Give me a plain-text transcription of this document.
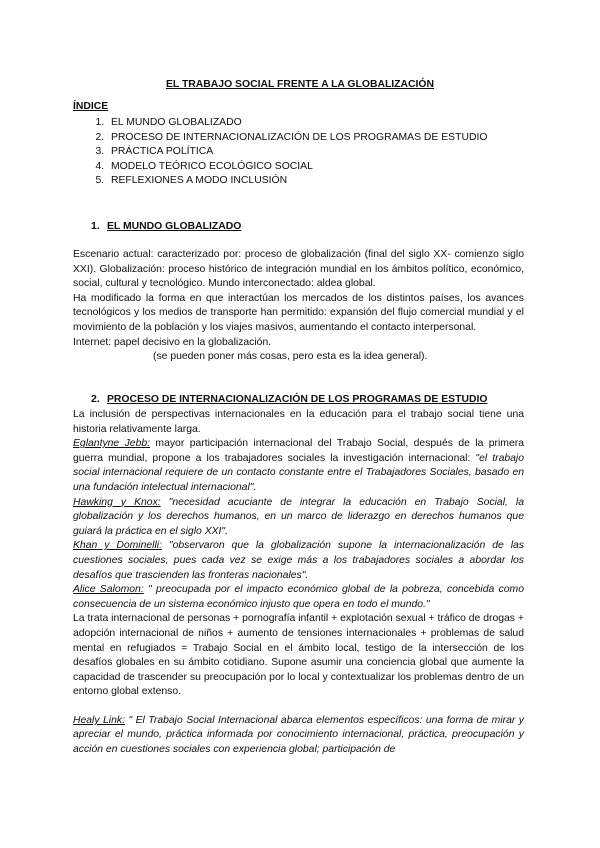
EL TRABAJO SOCIAL FRENTE A LA GLOBALIZACIÓN
ÍNDICE
1. EL MUNDO GLOBALIZADO
2. PROCESO DE INTERNACIONALIZACIÓN DE LOS PROGRAMAS DE ESTUDIO
3. PRÁCTICA POLÍTICA
4. MODELO TEÓRICO ECOLÓGICO SOCIAL
5. REFLEXIONES A MODO INCLUSIÓN
1. EL MUNDO GLOBALIZADO

Escenario actual: caracterizado por: proceso de globalización (final del siglo XX- comienzo siglo XXI). Globalización: proceso histórico de integración mundial en los ámbitos político, económico, social, cultural y tecnológico. Mundo interconectado: aldea global.

Ha modificado la forma en que interactúan los mercados de los distintos países, los avances tecnológicos y los medios de transporte han permitido: expansión del flujo comercial mundial y el movimiento de la población y los viajes masivos, aumentando el contacto interpersonal.

Internet: papel decisivo en la globalización.

(se pueden poner más cosas, pero esta es la idea general).

2. PROCESO DE INTERNACIONALIZACIÓN DE LOS PROGRAMAS DE ESTUDIO

La inclusión de perspectivas internacionales en la educación para el trabajo social tiene una historia relativamente larga.

Eglantyne Jebb: mayor participación internacional del Trabajo Social, después de la primera guerra mundial, propone a los trabajadores sociales la investigación internacional: "el trabajo social internacional requiere de un contacto constante entre el Trabajadores Sociales, basado en una fundación intelectual internacional".

Hawking y Knox: "necesidad acuciante de integrar la educación en Trabajo Social, la globalización y los derechos humanos, en un marco de liderazgo en derechos humanos que guiará la práctica en el siglo XXI".

Khan y Dominelli: "observaron que la globalización supone la internacionalización de las cuestiones sociales, pues cada vez se exige más a los trabajadores sociales a abordar los desafíos que trascienden las fronteras nacionales".

Alice Salomon: " preocupada por el impacto económico global de la pobreza, concebida como consecuencia de un sistema económico injusto que opera en todo el mundo."

La trata internacional de personas + pornografía infantil + explotación sexual + tráfico de drogas + adopción internacional de niños + aumento de tensiones internacionales + problemas de salud mental en refugiados = Trabajo Social en el ámbito local, testigo de la intersección de los desafíos globales en su ámbito cotidiano. Supone asumir una conciencia global que aumente la capacidad de trascender su preocupación por lo local y contextualizar los problemas dentro de un entorno global extenso.

Healy Link: " El Trabajo Social Internacional abarca elementos específicos: una forma de mirar y apreciar el mundo, práctica informada por conocimiento internacional, práctica, preocupación y acción en cuestiones sociales con experiencia global; participación de
